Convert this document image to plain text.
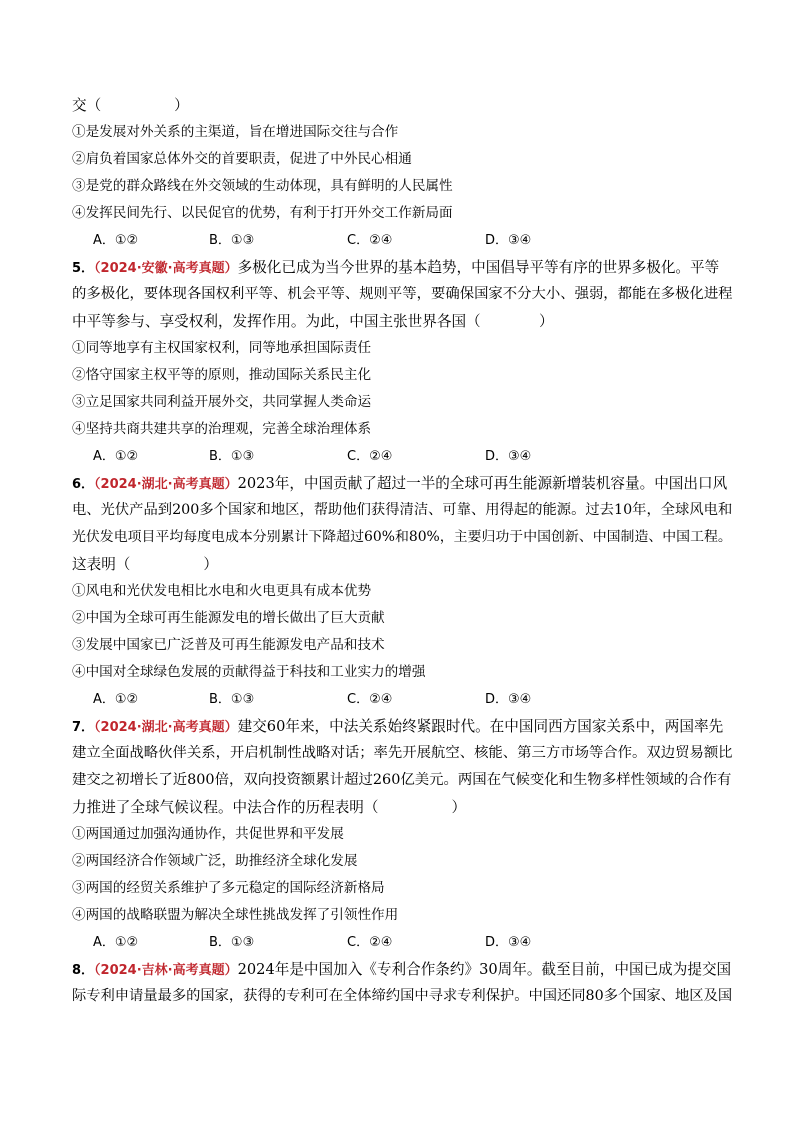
交（　　　　　）
①是发展对外关系的主渠道，旨在增进国际交往与合作
②肩负着国家总体外交的首要职责，促进了中外民心相通
③是党的群众路线在外交领域的生动体现，具有鲜明的人民属性
④发挥民间先行、以民促官的优势，有利于打开外交工作新局面
A．①②	B．①③	C．②④	D．③④
5．（2024·安徽·高考真题）多极化已成为当今世界的基本趋势，中国倡导平等有序的世界多极化。平等
的多极化，要体现各国权利平等、机会平等、规则平等，要确保国家不分大小、强弱，都能在多极化进程
中平等参与、享受权利，发挥作用。为此，中国主张世界各国（　　　　）
①同等地享有主权国家权利，同等地承担国际责任
②恪守国家主权平等的原则，推动国际关系民主化
③立足国家共同利益开展外交，共同掌握人类命运
④坚持共商共建共享的治理观，完善全球治理体系
A．①②	B．①③	C．②④	D．③④
6．（2024·湖北·高考真题）2023年，中国贡献了超过一半的全球可再生能源新增装机容量。中国出口风
电、光伏产品到200多个国家和地区，帮助他们获得清洁、可靠、用得起的能源。过去10年，全球风电和
光伏发电项目平均每度电成本分别累计下降超过60%和80%，主要归功于中国创新、中国制造、中国工程。
这表明（　　　　　）
①风电和光伏发电相比水电和火电更具有成本优势
②中国为全球可再生能源发电的增长做出了巨大贡献
③发展中国家已广泛普及可再生能源发电产品和技术
④中国对全球绿色发展的贡献得益于科技和工业实力的增强
A．①②	B．①③	C．②④	D．③④
7．（2024·湖北·高考真题）建交60年来，中法关系始终紧跟时代。在中国同西方国家关系中，两国率先
建立全面战略伙伴关系，开启机制性战略对话；率先开展航空、核能、第三方市场等合作。双边贸易额比
建交之初增长了近800倍，双向投资额累计超过260亿美元。两国在气候变化和生物多样性领域的合作有
力推进了全球气候议程。中法合作的历程表明（　　　　　）
①两国通过加强沟通协作，共促世界和平发展
②两国经济合作领域广泛，助推经济全球化发展
③两国的经贸关系维护了多元稳定的国际经济新格局
④两国的战略联盟为解决全球性挑战发挥了引领性作用
A．①②	B．①③	C．②④	D．③④
8．（2024·吉林·高考真题）2024年是中国加入《专利合作条约》30周年。截至目前，中国已成为提交国
际专利申请量最多的国家，获得的专利可在全体缔约国中寻求专利保护。中国还同80多个国家、地区及国
